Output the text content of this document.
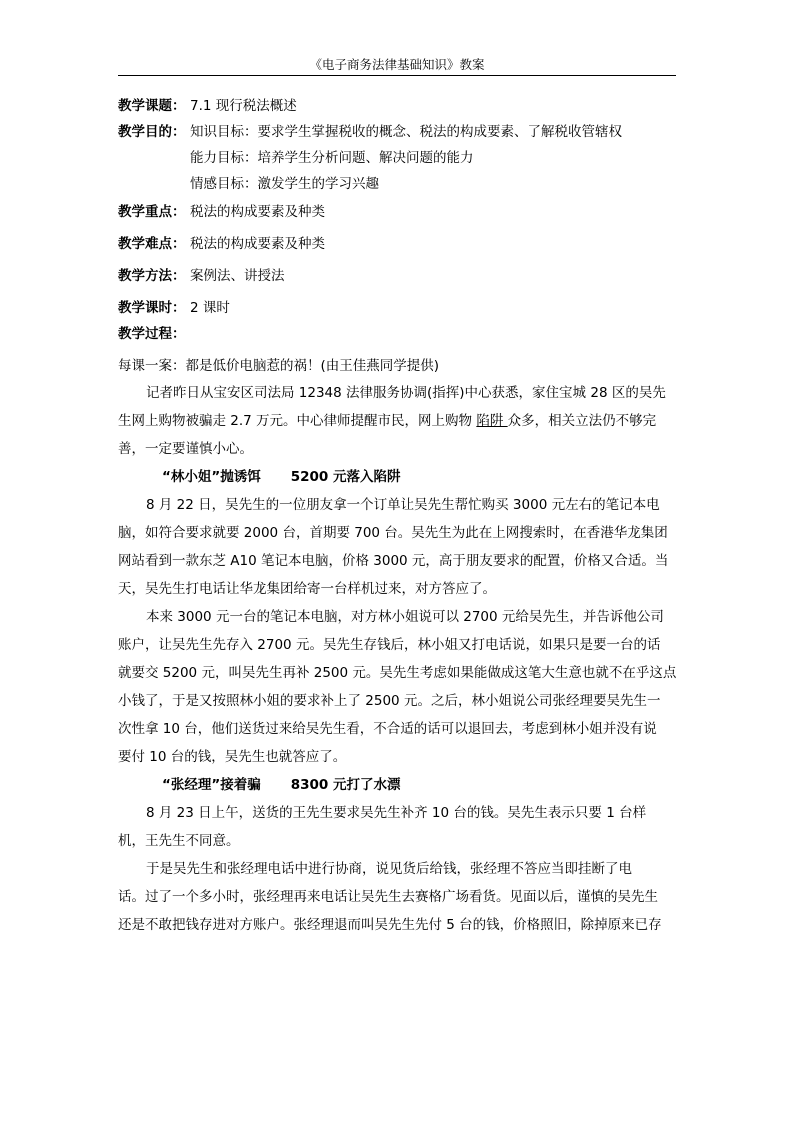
《电子商务法律基础知识》教案
教学课题： 7.1 现行税法概述
教学目的： 知识目标：要求学生掌握税收的概念、税法的构成要素、了解税收管辖权
能力目标：培养学生分析问题、解决问题的能力
情感目标：激发学生的学习兴趣
教学重点： 税法的构成要素及种类
教学难点： 税法的构成要素及种类
教学方法： 案例法、讲授法
教学课时： 2 课时
教学过程：
每课一案：都是低价电脑惹的祸！(由王佳燕同学提供)

记者昨日从宝安区司法局 12348 法律服务协调(指挥)中心获悉，家住宝城 28 区的吴先

生网上购物被骗走 2.7 万元。中心律师提醒市民，网上购物 陷阱 众多，相关立法仍不够完

善，一定要谨慎小心。

“林小姐”抛诱饵 5200 元落入陷阱

8 月 22 日，吴先生的一位朋友拿一个订单让吴先生帮忙购买 3000 元左右的笔记本电

脑，如符合要求就要 2000 台，首期要 700 台。吴先生为此在上网搜索时，在香港华龙集团

网站看到一款东芝 A10 笔记本电脑，价格 3000 元，高于朋友要求的配置，价格又合适。当

天，吴先生打电话让华龙集团给寄一台样机过来，对方答应了。

本来 3000 元一台的笔记本电脑，对方林小姐说可以 2700 元给吴先生，并告诉他公司

账户，让吴先生先存入 2700 元。吴先生存钱后，林小姐又打电话说，如果只是要一台的话

就要交 5200 元，叫吴先生再补 2500 元。吴先生考虑如果能做成这笔大生意也就不在乎这点

小钱了，于是又按照林小姐的要求补上了 2500 元。之后，林小姐说公司张经理要吴先生一

次性拿 10 台，他们送货过来给吴先生看，不合适的话可以退回去，考虑到林小姐并没有说

要付 10 台的钱，吴先生也就答应了。

“张经理”接着骗 8300 元打了水漂

8 月 23 日上午，送货的王先生要求吴先生补齐 10 台的钱。吴先生表示只要 1 台样

机，王先生不同意。

于是吴先生和张经理电话中进行协商，说见货后给钱，张经理不答应当即挂断了电

话。过了一个多小时，张经理再来电话让吴先生去赛格广场看货。见面以后，谨慎的吴先生

还是不敢把钱存进对方账户。张经理退而叫吴先生先付 5 台的钱，价格照旧，除掉原来已存
